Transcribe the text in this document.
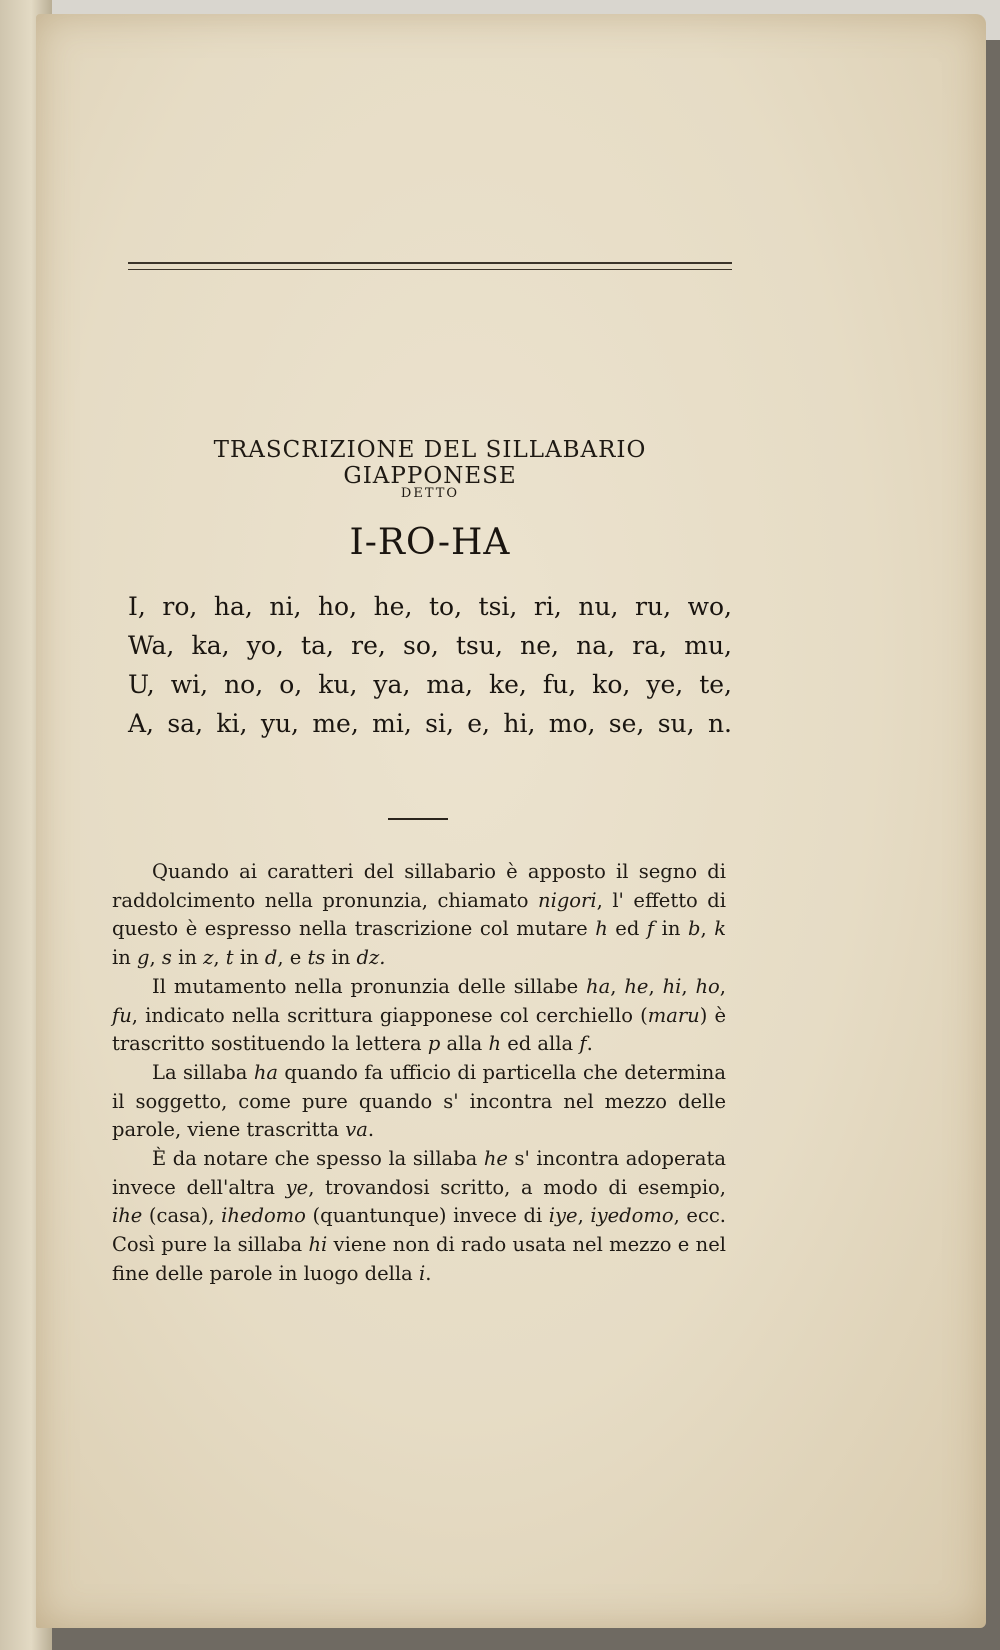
TRASCRIZIONE DEL SILLABARIO GIAPPONESE
DETTO
I-RO-HA
I, ro, ha, ni, ho, he, to, tsi, ri, nu, ru, wo,
Wa, ka, yo, ta, re, so, tsu, ne, na, ra, mu,
U, wi, no, o, ku, ya, ma, ke, fu, ko, ye, te,
A, sa, ki, yu, me, mi, si, e, hi, mo, se, su, n.

Quando ai caratteri del sillabario è apposto il segno di raddolcimento nella pronunzia, chiamato nigori, l' effetto di questo è espresso nella trascrizione col mutare h ed f in b, k in g, s in z, t in d, e ts in dz.

Il mutamento nella pronunzia delle sillabe ha, he, hi, ho, fu, indicato nella scrittura giapponese col cerchiello (maru) è trascritto sostituendo la lettera p alla h ed alla f.

La sillaba ha quando fa ufficio di particella che determina il soggetto, come pure quando s' incontra nel mezzo delle parole, viene trascritta va.

È da notare che spesso la sillaba he s' incontra adoperata invece dell'altra ye, trovandosi scritto, a modo di esempio, ihe (casa), ihedomo (quantunque) invece di iye, iyedomo, ecc. Così pure la sillaba hi viene non di rado usata nel mezzo e nel fine delle parole in luogo della i.
